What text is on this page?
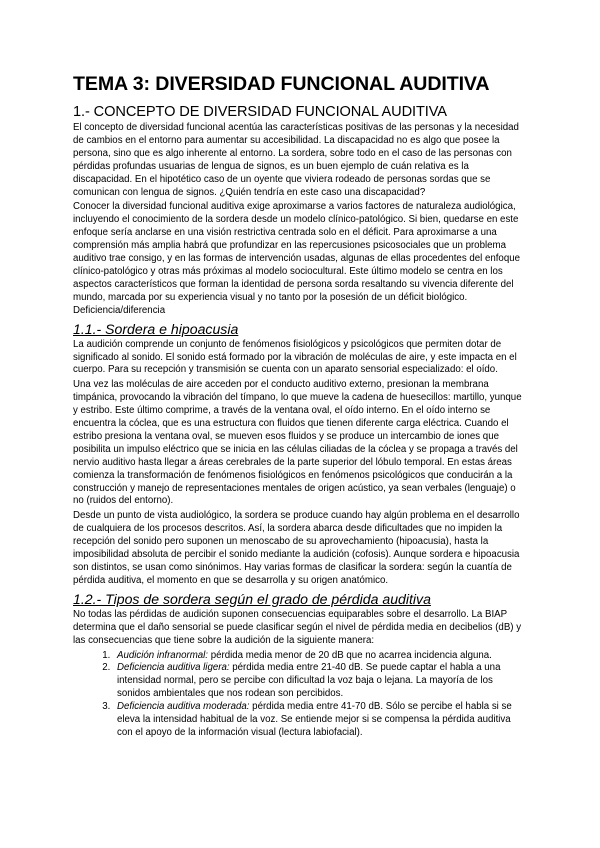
TEMA 3: DIVERSIDAD FUNCIONAL AUDITIVA
1.- CONCEPTO DE DIVERSIDAD FUNCIONAL AUDITIVA

El concepto de diversidad funcional acentúa las características positivas de las personas y la necesidad de cambios en el entorno para aumentar su accesibilidad. La discapacidad no es algo que posee la persona, sino que es algo inherente al entorno. La sordera, sobre todo en el caso de las personas con pérdidas profundas usuarias de lengua de signos, es un buen ejemplo de cuán relativa es la discapacidad. En el hipotético caso de un oyente que viviera rodeado de personas sordas que se comunican con lengua de signos. ¿Quién tendría en este caso una discapacidad?

Conocer la diversidad funcional auditiva exige aproximarse a varios factores de naturaleza audiológica, incluyendo el conocimiento de la sordera desde un modelo clínico-patológico. Si bien, quedarse en este enfoque sería anclarse en una visión restrictiva centrada solo en el déficit. Para aproximarse a una comprensión más amplia habrá que profundizar en las repercusiones psicosociales que un problema auditivo trae consigo, y en las formas de intervención usadas, algunas de ellas procedentes del enfoque clínico-patológico y otras más próximas al modelo sociocultural. Este último modelo se centra en los aspectos característicos que forman la identidad de persona sorda resaltando su vivencia diferente del mundo, marcada por su experiencia visual y no tanto por la posesión de un déficit biológico. Deficiencia/diferencia

1.1.- Sordera e hipoacusia

La audición comprende un conjunto de fenómenos fisiológicos y psicológicos que permiten dotar de significado al sonido. El sonido está formado por la vibración de moléculas de aire, y este impacta en el cuerpo. Para su recepción y transmisión se cuenta con un aparato sensorial especializado: el oído.

Una vez las moléculas de aire acceden por el conducto auditivo externo, presionan la membrana timpánica, provocando la vibración del tímpano, lo que mueve la cadena de huesecillos: martillo, yunque y estribo. Este último comprime, a través de la ventana oval, el oído interno. En el oído interno se encuentra la cóclea, que es una estructura con fluidos que tienen diferente carga eléctrica. Cuando el estribo presiona la ventana oval, se mueven esos fluidos y se produce un intercambio de iones que posibilita un impulso eléctrico que se inicia en las células ciliadas de la cóclea y se propaga a través del nervio auditivo hasta llegar a áreas cerebrales de la parte superior del lóbulo temporal. En estas áreas comienza la transformación de fenómenos fisiológicos en fenómenos psicológicos que conducirán a la construcción y manejo de representaciones mentales de origen acústico, ya sean verbales (lenguaje) o no (ruidos del entorno).

Desde un punto de vista audiológico, la sordera se produce cuando hay algún problema en el desarrollo de cualquiera de los procesos descritos. Así, la sordera abarca desde dificultades que no impiden la recepción del sonido pero suponen un menoscabo de su aprovechamiento (hipoacusia), hasta la imposibilidad absoluta de percibir el sonido mediante la audición (cofosis). Aunque sordera e hipoacusia son distintos, se usan como sinónimos. Hay varias formas de clasificar la sordera: según la cuantía de pérdida auditiva, el momento en que se desarrolla y su origen anatómico.

1.2.- Tipos de sordera según el grado de pérdida auditiva

No todas las pérdidas de audición suponen consecuencias equiparables sobre el desarrollo. La BIAP determina que el daño sensorial se puede clasificar según el nivel de pérdida media en decibelios (dB) y las consecuencias que tiene sobre la audición de la siguiente manera:

1. Audición infranormal: pérdida media menor de 20 dB que no acarrea incidencia alguna.
2. Deficiencia auditiva ligera: pérdida media entre 21-40 dB. Se puede captar el habla a una intensidad normal, pero se percibe con dificultad la voz baja o lejana. La mayoría de los sonidos ambientales que nos rodean son percibidos.
3. Deficiencia auditiva moderada: pérdida media entre 41-70 dB. Sólo se percibe el habla si se eleva la intensidad habitual de la voz. Se entiende mejor si se compensa la pérdida auditiva con el apoyo de la información visual (lectura labiofacial).
